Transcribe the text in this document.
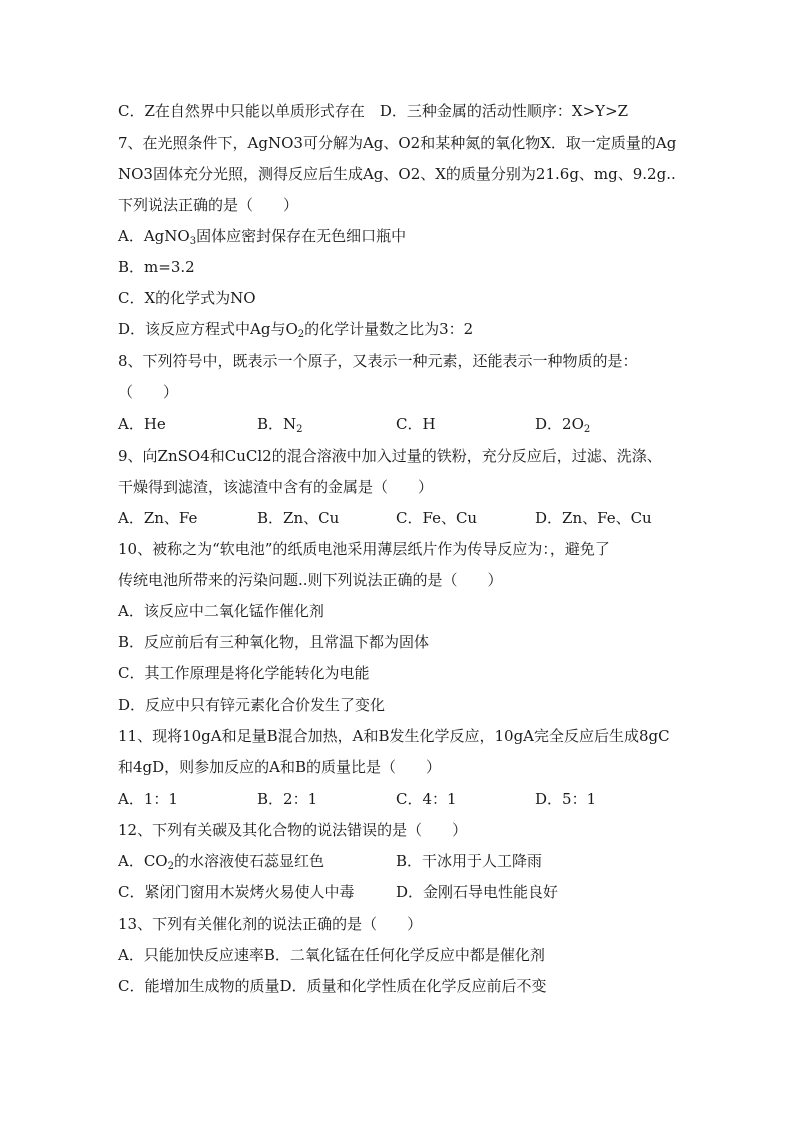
C．Z在自然界中只能以单质形式存在　D．三种金属的活动性顺序：X>Y>Z
7、在光照条件下，AgNO3可分解为Ag、O2和某种氮的氧化物X．取一定质量的Ag
NO3固体充分光照，测得反应后生成Ag、O2、X的质量分别为21.6g、mg、9.2g..
下列说法正确的是（　　）
A．AgNO$_3$固体应密封保存在无色细口瓶中
B．m=3.2
C．X的化学式为NO
D．该反应方程式中Ag与$O_2$的化学计量数之比为3：2
8、下列符号中，既表示一个原子，又表示一种元素，还能表示一种物质的是：
（　　）
A．He	B．$N_2$	C．H	D．$2O_2$
9、向ZnSO4和CuCl2的混合溶液中加入过量的铁粉，充分反应后，过滤、洗涤、
干燥得到滤渣，该滤渣中含有的金属是（　　）
A．Zn、Fe	B．Zn、Cu	C．Fe、Cu	D．Zn、Fe、Cu
10、被称之为“软电池”的纸质电池采用薄层纸片作为传导反应为：，避免了
传统电池所带来的污染问题..则下列说法正确的是（　　）
A．该反应中二氧化锰作催化剂
B．反应前后有三种氧化物，且常温下都为固体
C．其工作原理是将化学能转化为电能
D．反应中只有锌元素化合价发生了变化
11、现将10gA和足量B混合加热，A和B发生化学反应，10gA完全反应后生成8gC
和4gD，则参加反应的A和B的质量比是（　　）
A．1：1	B．2：1	C．4：1	D．5：1
12、下列有关碳及其化合物的说法错误的是（　　）
A．$CO_2$的水溶液使石蕊显红色	B．干冰用于人工降雨
C．紧闭门窗用木炭烤火易使人中毒	D．金刚石导电性能良好
13、下列有关催化剂的说法正确的是（　　）
A．只能加快反应速率B．二氧化锰在任何化学反应中都是催化剂
C．能增加生成物的质量D．质量和化学性质在化学反应前后不变
